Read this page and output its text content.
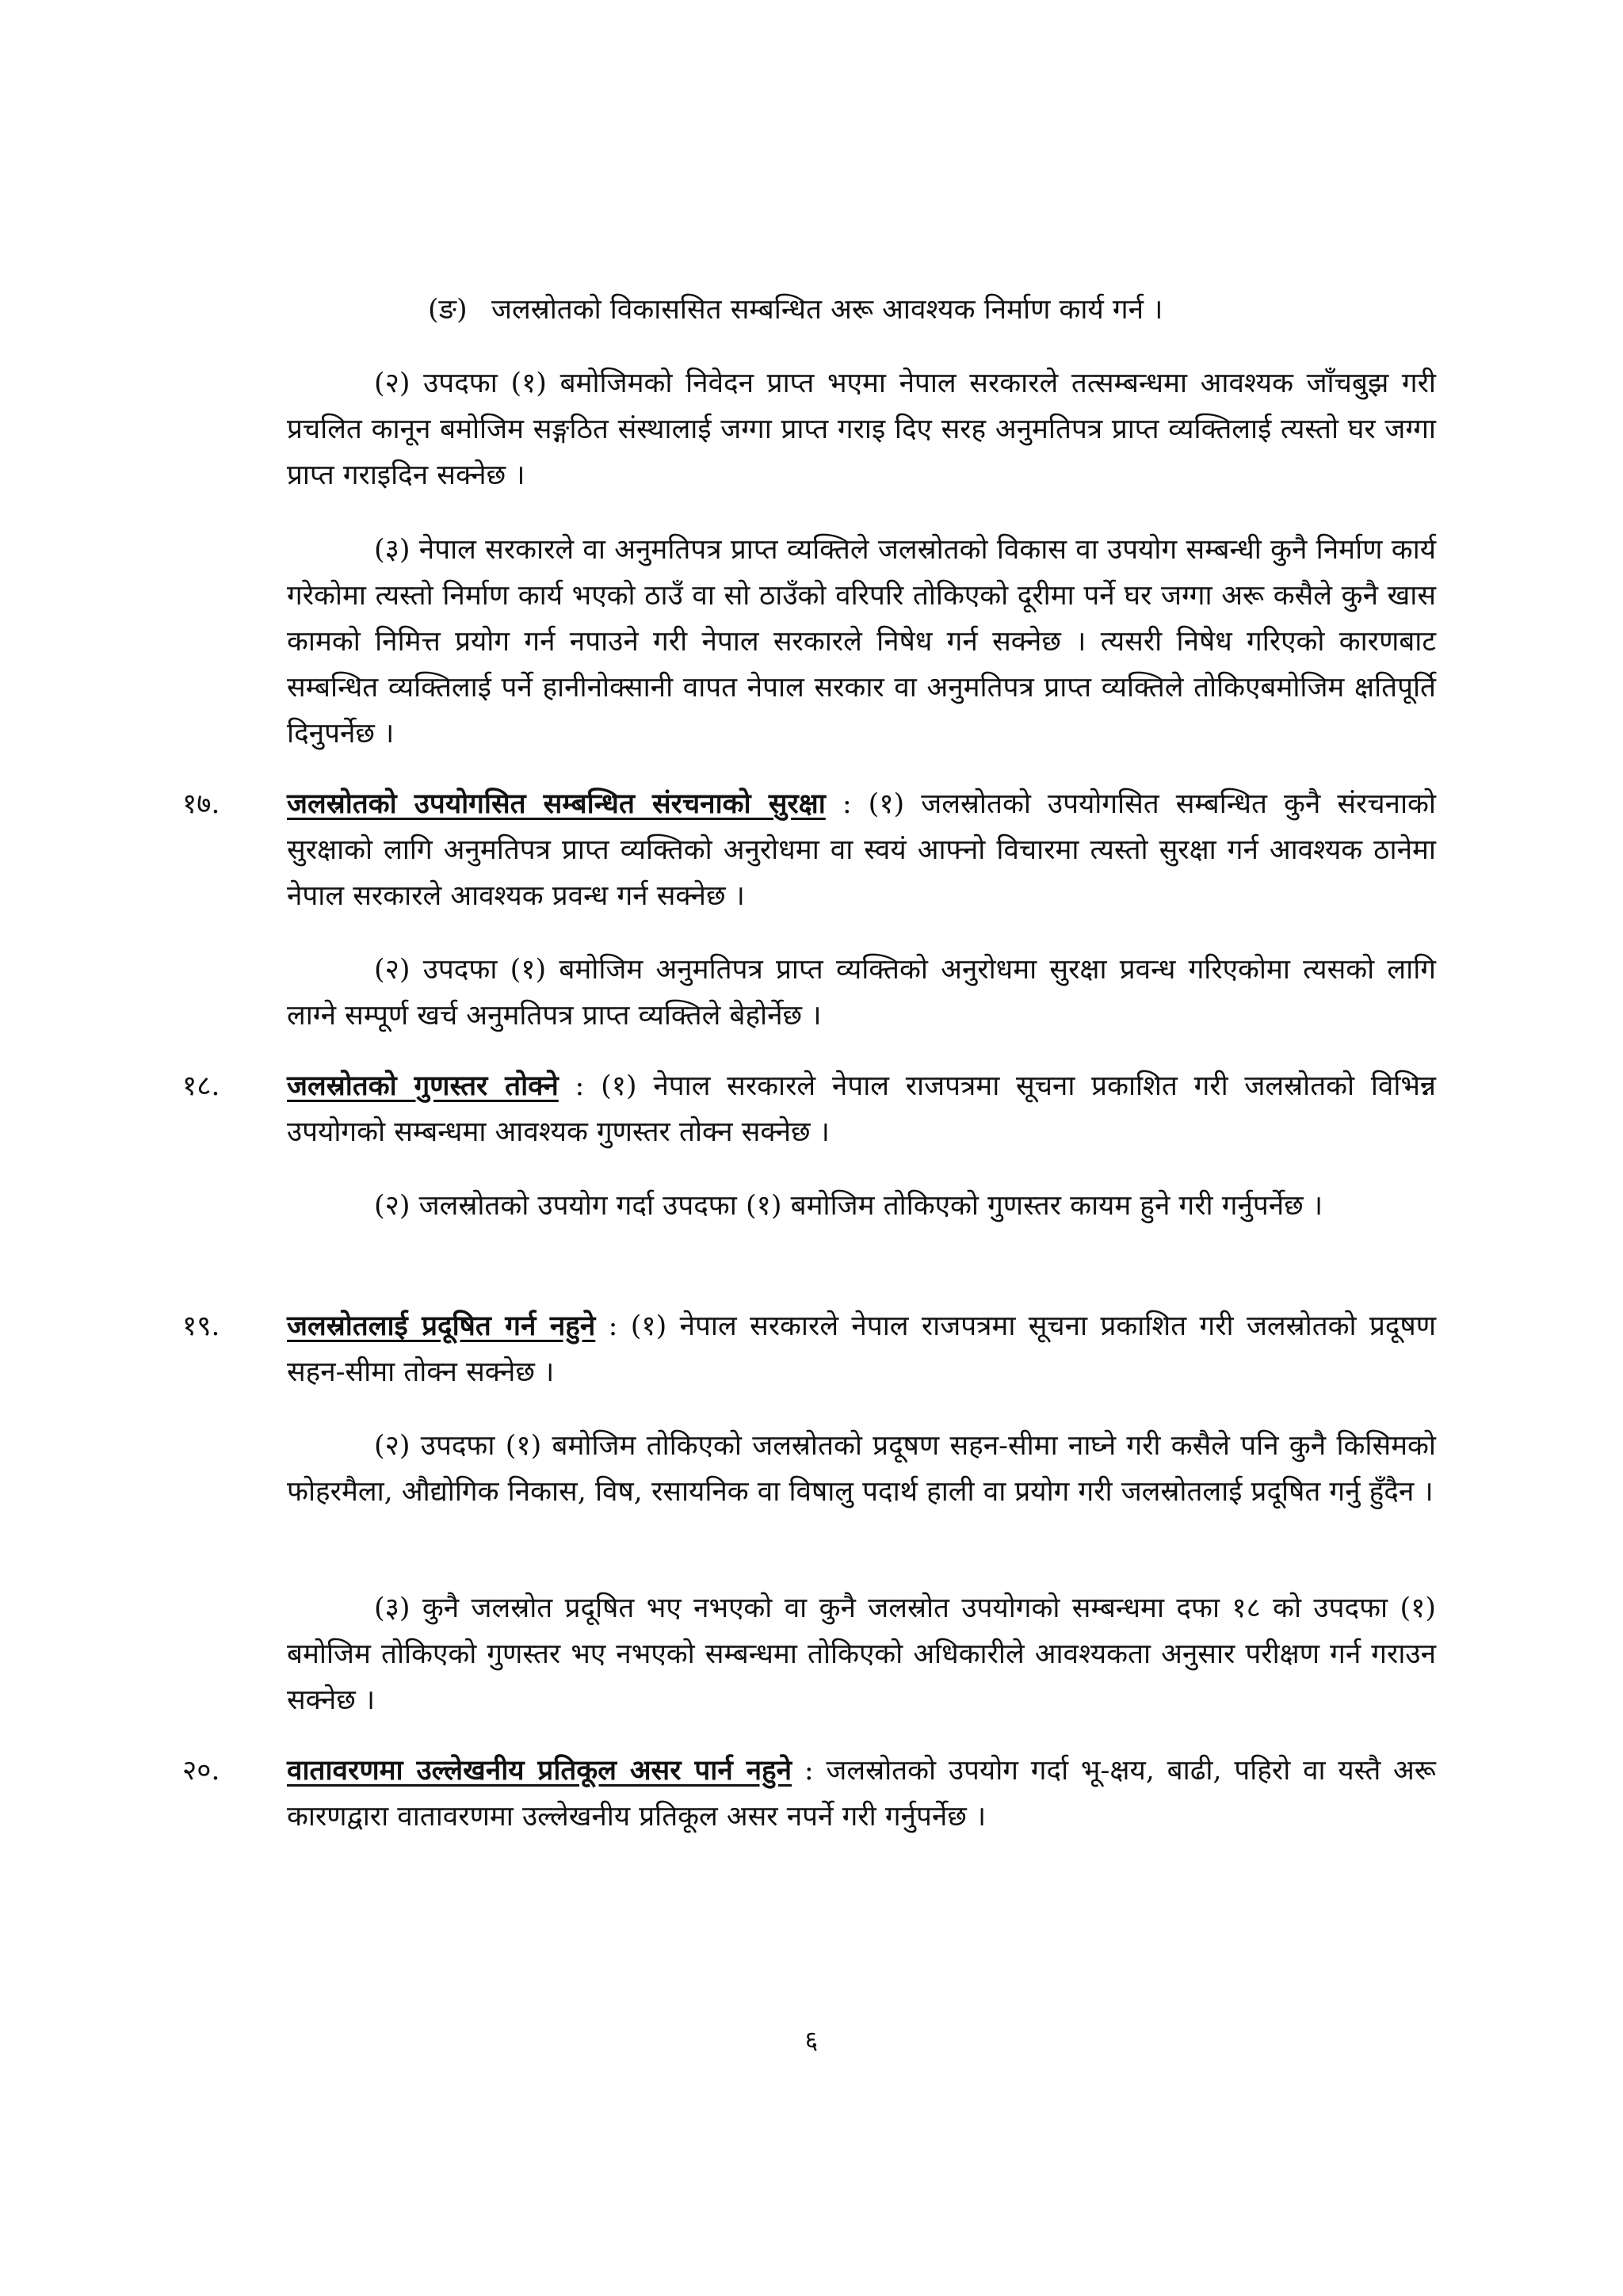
(ङ) जलस्रोतको विकाससित सम्बन्धित अरू आवश्यक निर्माण कार्य गर्न ।

(२) उपदफा (१) बमोजिमको निवेदन प्राप्त भएमा नेपाल सरकारले तत्सम्बन्धमा आवश्यक जाँचबुझ गरी प्रचलित कानून बमोजिम सङ्गठित संस्थालाई जग्गा प्राप्त गराइ दिए सरह अनुमतिपत्र प्राप्त व्यक्तिलाई त्यस्तो घर जग्गा प्राप्त गराइदिन सक्नेछ ।

(३) नेपाल सरकारले वा अनुमतिपत्र प्राप्त व्यक्तिले जलस्रोतको विकास वा उपयोग सम्बन्धी कुनै निर्माण कार्य गरेकोमा त्यस्तो निर्माण कार्य भएको ठाउँ वा सो ठाउँको वरिपरि तोकिएको दूरीमा पर्ने घर जग्गा अरू कसैले कुनै खास कामको निमित्त प्रयोग गर्न नपाउने गरी नेपाल सरकारले निषेध गर्न सक्नेछ । त्यसरी निषेध गरिएको कारणबाट सम्बन्धित व्यक्तिलाई पर्ने हानीनोक्सानी वापत नेपाल सरकार वा अनुमतिपत्र प्राप्त व्यक्तिले तोकिएबमोजिम क्षतिपूर्ति दिनुपर्नेछ ।

१७.	जलस्रोतको उपयोगसित सम्बन्धित संरचनाको सुरक्षा : (१) जलस्रोतको उपयोगसित सम्बन्धित कुनै संरचनाको सुरक्षाको लागि अनुमतिपत्र प्राप्त व्यक्तिको अनुरोधमा वा स्वयं आफ्नो विचारमा त्यस्तो सुरक्षा गर्न आवश्यक ठानेमा नेपाल सरकारले आवश्यक प्रवन्ध गर्न सक्नेछ ।

(२) उपदफा (१) बमोजिम अनुमतिपत्र प्राप्त व्यक्तिको अनुरोधमा सुरक्षा प्रवन्ध गरिएकोमा त्यसको लागि लाग्ने सम्पूर्ण खर्च अनुमतिपत्र प्राप्त व्यक्तिले बेहोर्नेछ ।

१८.	जलस्रोतको गुणस्तर तोक्ने : (१) नेपाल सरकारले नेपाल राजपत्रमा सूचना प्रकाशित गरी जलस्रोतको विभिन्न उपयोगको सम्बन्धमा आवश्यक गुणस्तर तोक्न सक्नेछ ।

(२) जलस्रोतको उपयोग गर्दा उपदफा (१) बमोजिम तोकिएको गुणस्तर कायम हुने गरी गर्नुपर्नेछ ।

१९.	जलस्रोतलाई प्रदूषित गर्न नहुने : (१) नेपाल सरकारले नेपाल राजपत्रमा सूचना प्रकाशित गरी जलस्रोतको प्रदूषण सहन-सीमा तोक्न सक्नेछ ।

(२) उपदफा (१) बमोजिम तोकिएको जलस्रोतको प्रदूषण सहन-सीमा नाघ्ने गरी कसैले पनि कुनै किसिमको फोहरमैला, औद्योगिक निकास, विष, रसायनिक वा विषालु पदार्थ हाली वा प्रयोग गरी जलस्रोतलाई प्रदूषित गर्नु हुँदैन ।

(३) कुनै जलस्रोत प्रदूषित भए नभएको वा कुनै जलस्रोत उपयोगको सम्बन्धमा दफा १८ को उपदफा (१) बमोजिम तोकिएको गुणस्तर भए नभएको सम्बन्धमा तोकिएको अधिकारीले आवश्यकता अनुसार परीक्षण गर्न गराउन सक्नेछ ।

२०.	वातावरणमा उल्लेखनीय प्रतिकूल असर पार्न नहुने : जलस्रोतको उपयोग गर्दा भू-क्षय, बाढी, पहिरो वा यस्तै अरू कारणद्वारा वातावरणमा उल्लेखनीय प्रतिकूल असर नपर्ने गरी गर्नुपर्नेछ ।

६
